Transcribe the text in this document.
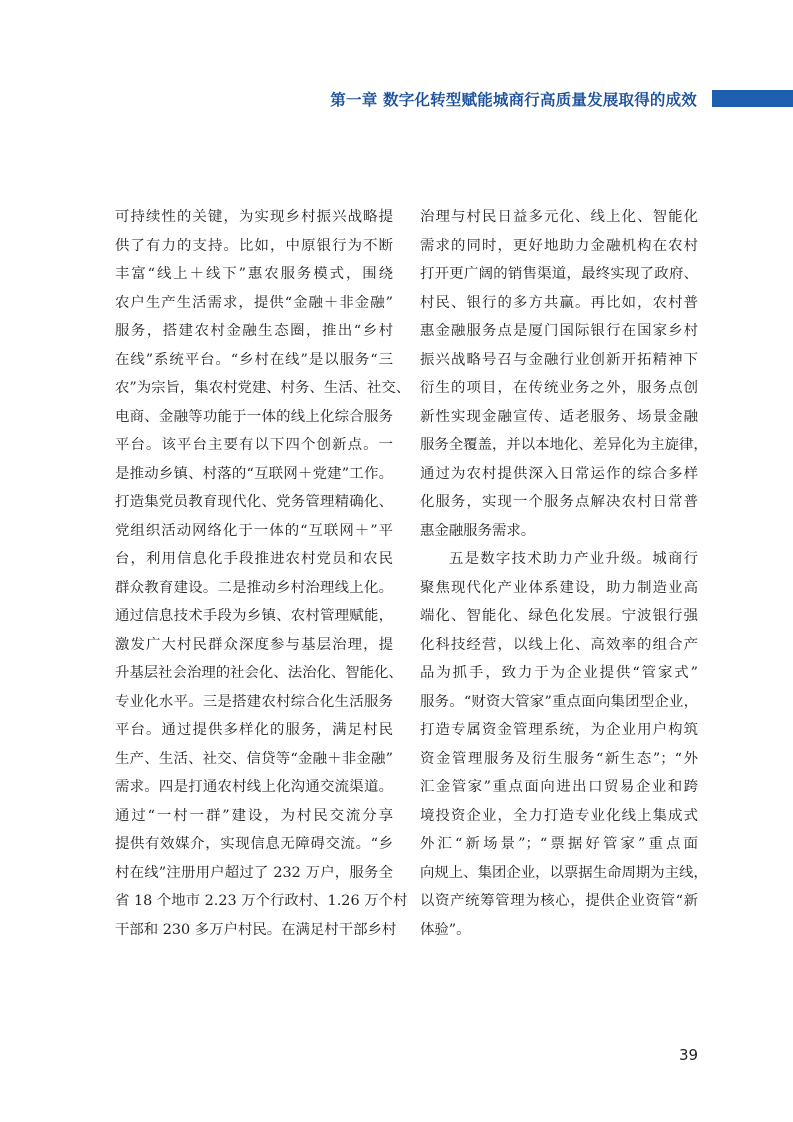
第一章 数字化转型赋能城商行高质量发展取得的成效
可持续性的关键，为实现乡村振兴战略提
供了有力的支持。比如，中原银行为不断
丰富“线上＋线下”惠农服务模式，围绕
农户生产生活需求，提供“金融＋非金融”
服务，搭建农村金融生态圈，推出“乡村
在线”系统平台。“乡村在线”是以服务“三
农”为宗旨，集农村党建、村务、生活、社交、
电商、金融等功能于一体的线上化综合服务
平台。该平台主要有以下四个创新点。一
是推动乡镇、村落的“互联网＋党建”工作。
打造集党员教育现代化、党务管理精确化、
党组织活动网络化于一体的“互联网＋”平
台，利用信息化手段推进农村党员和农民
群众教育建设。二是推动乡村治理线上化。
通过信息技术手段为乡镇、农村管理赋能，
激发广大村民群众深度参与基层治理，提
升基层社会治理的社会化、法治化、智能化、
专业化水平。三是搭建农村综合化生活服务
平台。通过提供多样化的服务，满足村民
生产、生活、社交、信贷等“金融＋非金融”
需求。四是打通农村线上化沟通交流渠道。
通过“一村一群”建设，为村民交流分享
提供有效媒介，实现信息无障碍交流。“乡
村在线”注册用户超过了 232 万户，服务全
省 18 个地市 2.23 万个行政村、1.26 万个村
干部和 230 多万户村民。在满足村干部乡村
治理与村民日益多元化、线上化、智能化
需求的同时，更好地助力金融机构在农村
打开更广阔的销售渠道，最终实现了政府、
村民、银行的多方共赢。再比如，农村普
惠金融服务点是厦门国际银行在国家乡村
振兴战略号召与金融行业创新开拓精神下
衍生的项目，在传统业务之外，服务点创
新性实现金融宣传、适老服务、场景金融
服务全覆盖，并以本地化、差异化为主旋律，
通过为农村提供深入日常运作的综合多样
化服务，实现一个服务点解决农村日常普
惠金融服务需求。
五是数字技术助力产业升级。城商行
聚焦现代化产业体系建设，助力制造业高
端化、智能化、绿色化发展。宁波银行强
化科技经营，以线上化、高效率的组合产
品为抓手，致力于为企业提供“管家式”
服务。“财资大管家”重点面向集团型企业，
打造专属资金管理系统，为企业用户构筑
资金管理服务及衍生服务“新生态”；“外
汇金管家”重点面向进出口贸易企业和跨
境投资企业，全力打造专业化线上集成式
外汇“新场景”；“票据好管家”重点面
向规上、集团企业，以票据生命周期为主线，
以资产统筹管理为核心，提供企业资管“新
体验”。
39
